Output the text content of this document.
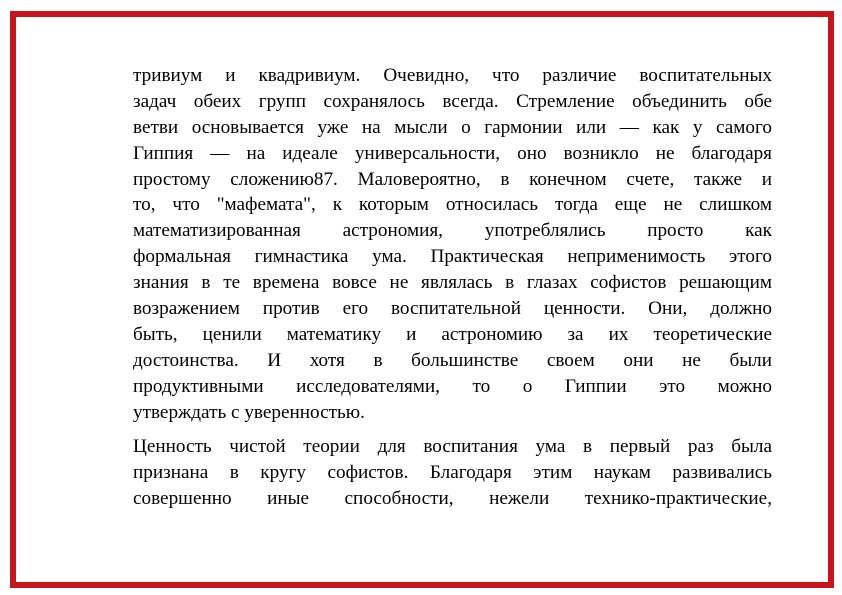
тривиум и квадривиум. Очевидно, что различие воспитательных
задач обеих групп сохранялось всегда. Стремление объединить обе
ветви основывается уже на мысли о гармонии или — как у самого
Гиппия — на идеале универсальности, оно возникло не благодаря
простому сложению87. Маловероятно, в конечном счете, также и
то, что "мафемата", к которым относилась тогда еще не слишком
математизированная астрономия, употреблялись просто как
формальная гимнастика ума. Практическая неприменимость этого
знания в те времена вовсе не являлась в глазах софистов решающим
возражением против его воспитательной ценности. Они, должно
быть, ценили математику и астрономию за их теоретические
достоинства. И хотя в большинстве своем они не были
продуктивными исследователями, то о Гиппии это можно
утверждать с уверенностью.
Ценность чистой теории для воспитания ума в первый раз была
признана в кругу софистов. Благодаря этим наукам развивались
совершенно иные способности, нежели технико-практические,
